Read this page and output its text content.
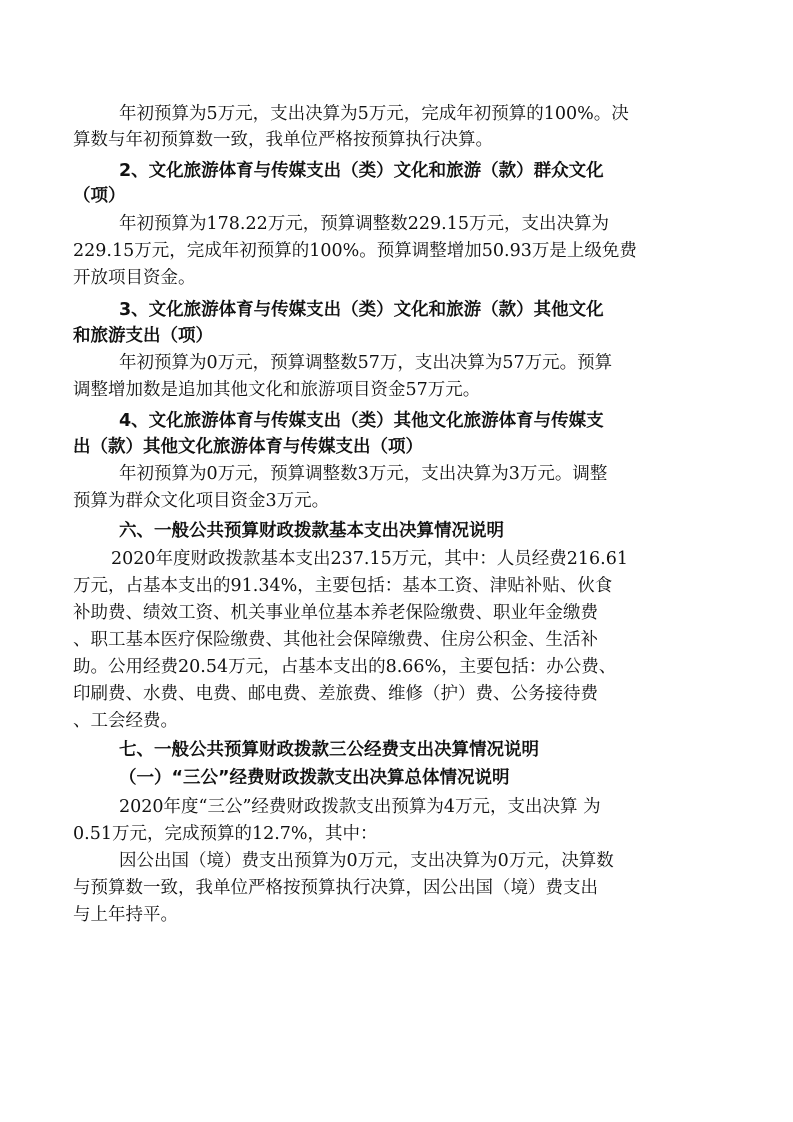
年初预算为5万元，支出决算为5万元，完成年初预算的100%。决
算数与年初预算数一致，我单位严格按预算执行决算。
2、文化旅游体育与传媒支出（类）文化和旅游（款）群众文化
（项）
年初预算为178.22万元，预算调整数229.15万元，支出决算为
229.15万元，完成年初预算的100%。预算调整增加50.93万是上级免费
开放项目资金。
3、文化旅游体育与传媒支出（类）文化和旅游（款）其他文化
和旅游支出（项）
年初预算为0万元，预算调整数57万，支出决算为57万元。预算
调整增加数是追加其他文化和旅游项目资金57万元。
4、文化旅游体育与传媒支出（类）其他文化旅游体育与传媒支
出（款）其他文化旅游体育与传媒支出（项）
年初预算为0万元，预算调整数3万元，支出决算为3万元。调整
预算为群众文化项目资金3万元。
六、一般公共预算财政拨款基本支出决算情况说明
2020年度财政拨款基本支出237.15万元，其中：人员经费216.61
万元，占基本支出的91.34%，主要包括：基本工资、津贴补贴、伙食
补助费、绩效工资、机关事业单位基本养老保险缴费、职业年金缴费
、职工基本医疗保险缴费、其他社会保障缴费、住房公积金、生活补
助。公用经费20.54万元，占基本支出的8.66%，主要包括：办公费、
印刷费、水费、电费、邮电费、差旅费、维修（护）费、公务接待费
、工会经费。
七、一般公共预算财政拨款三公经费支出决算情况说明
（一）“三公”经费财政拨款支出决算总体情况说明
2020年度“三公”经费财政拨款支出预算为4万元，支出决算 为
0.51万元，完成预算的12.7%，其中：
因公出国（境）费支出预算为0万元，支出决算为0万元，决算数
与预算数一致，我单位严格按预算执行决算，因公出国（境）费支出
与上年持平。
